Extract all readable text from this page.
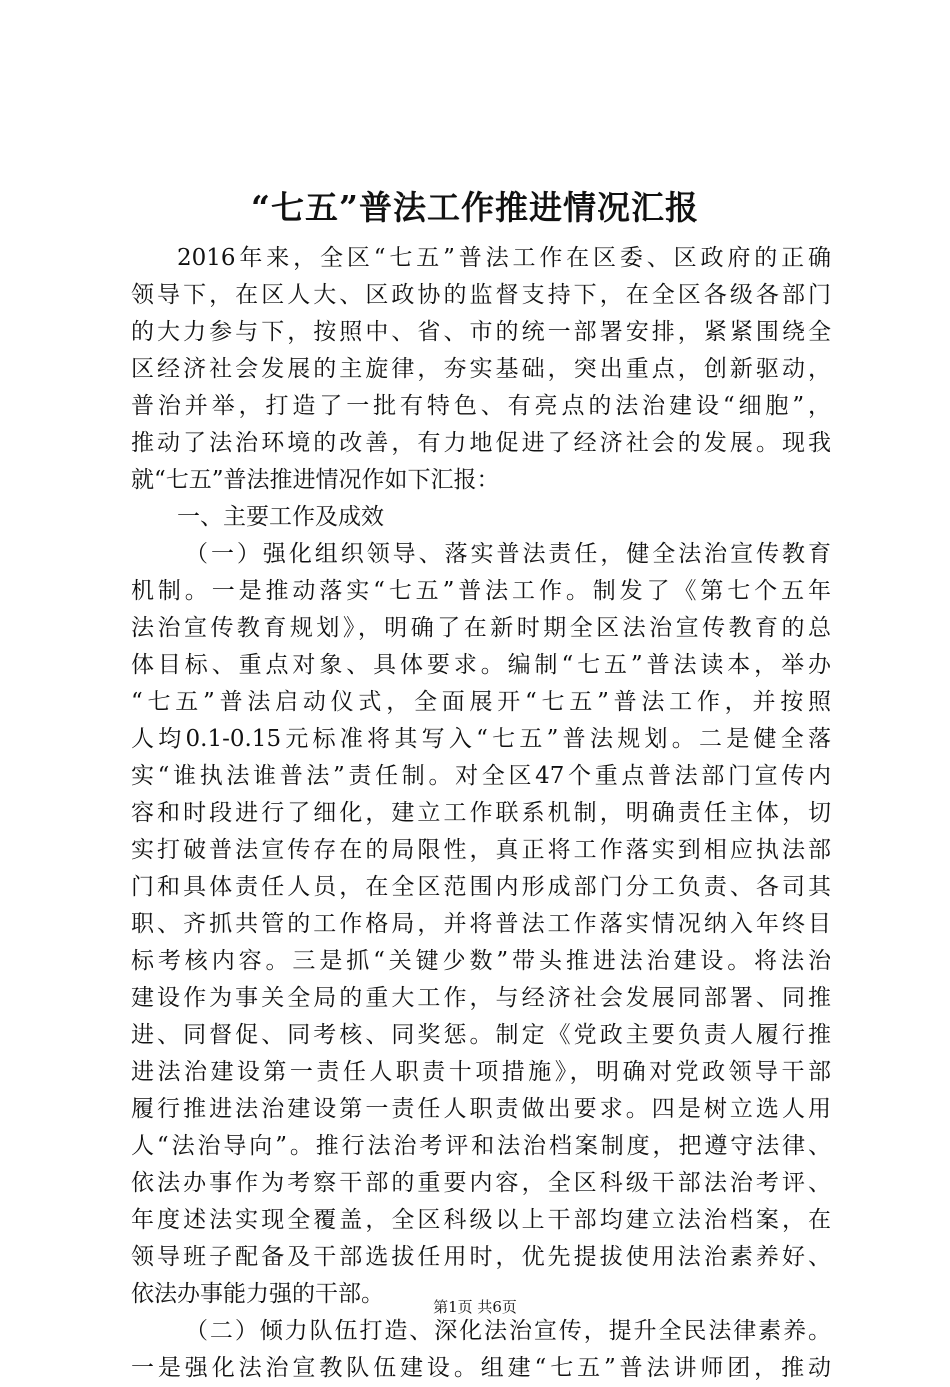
“七五”普法工作推进情况汇报
2016年来，全区“七五”普法工作在区委、区政府的正确
领导下，在区人大、区政协的监督支持下，在全区各级各部门
的大力参与下，按照中、省、市的统一部署安排，紧紧围绕全
区经济社会发展的主旋律，夯实基础，突出重点，创新驱动，
普治并举，打造了一批有特色、有亮点的法治建设“细胞”，
推动了法治环境的改善，有力地促进了经济社会的发展。现我
就“七五”普法推进情况作如下汇报：
一、主要工作及成效
（一）强化组织领导、落实普法责任，健全法治宣传教育
机制。一是推动落实“七五”普法工作。制发了《第七个五年
法治宣传教育规划》，明确了在新时期全区法治宣传教育的总
体目标、重点对象、具体要求。编制“七五”普法读本，举办
“七五”普法启动仪式，全面展开“七五”普法工作，并按照
人均0.1-0.15元标准将其写入“七五”普法规划。二是健全落
实“谁执法谁普法”责任制。对全区47个重点普法部门宣传内
容和时段进行了细化，建立工作联系机制，明确责任主体，切
实打破普法宣传存在的局限性，真正将工作落实到相应执法部
门和具体责任人员，在全区范围内形成部门分工负责、各司其
职、齐抓共管的工作格局，并将普法工作落实情况纳入年终目
标考核内容。三是抓“关键少数”带头推进法治建设。将法治
建设作为事关全局的重大工作，与经济社会发展同部署、同推
进、同督促、同考核、同奖惩。制定《党政主要负责人履行推
进法治建设第一责任人职责十项措施》，明确对党政领导干部
履行推进法治建设第一责任人职责做出要求。四是树立选人用
人“法治导向”。推行法治考评和法治档案制度，把遵守法律、
依法办事作为考察干部的重要内容，全区科级干部法治考评、
年度述法实现全覆盖，全区科级以上干部均建立法治档案，在
领导班子配备及干部选拔任用时，优先提拔使用法治素养好、
依法办事能力强的干部。
（二）倾力队伍打造、深化法治宣传，提升全民法律素养。
一是强化法治宣教队伍建设。组建“七五”普法讲师团，推动
第1页 共6页
